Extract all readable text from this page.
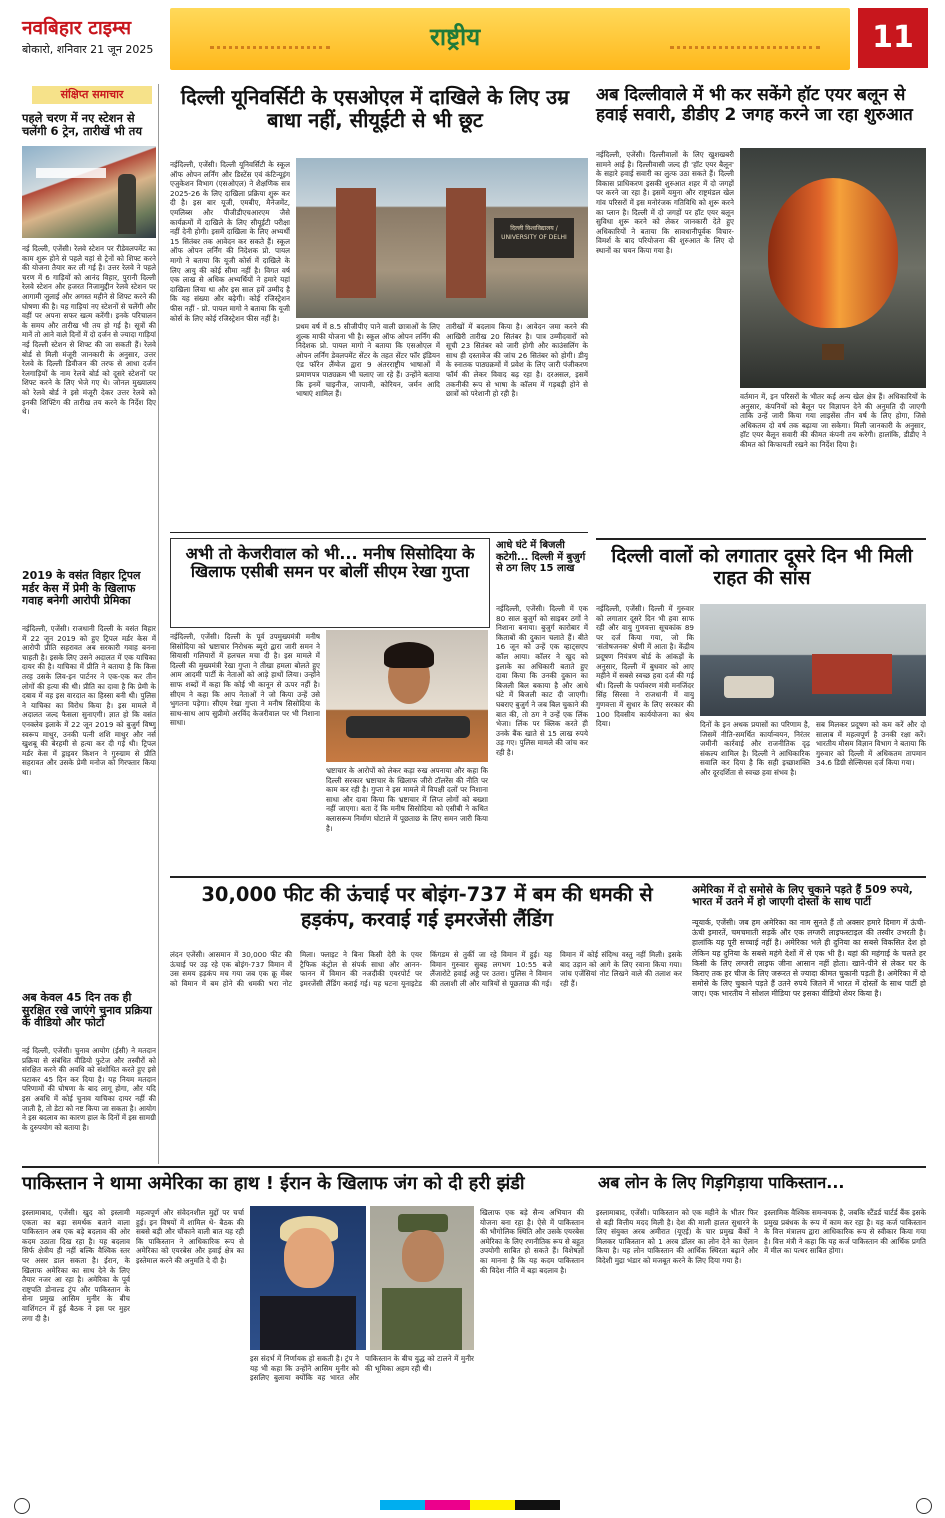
नवबिहार टाइम्स
बोकारो, शनिवार 21 जून 2025	राष्ट्रीय	11
संक्षिप्त समाचार
पहले चरण में नए स्टेशन से चलेंगी 6 ट्रेन, तारीखें भी तय
नई दिल्ली, एजेंसी। रेलवे स्टेशन पर रीडेवलपमेंट का काम शुरू होने से पहले यहां से ट्रेनों को शिफ्ट करने की योजना तैयार कर ली गई है। उत्तर रेलवे ने पहले चरण में 6 गाड़ियों को आनंद विहार, पुरानी दिल्ली रेलवे स्टेशन और हजरत निजामुद्दीन रेलवे स्टेशन पर आगामी जुलाई और अगस्त महीने से शिफ्ट करने की घोषणा की है। यह गाड़ियां नए स्टेशनों से चलेंगी और वहीं पर अपना सफर खत्म करेंगी। इनके परिचालन के समय और तारीख भी तय हो गई है। सूत्रों की मानें तो आने वाले दिनों में दो दर्जन से ज्यादा गाड़ियां नई दिल्ली स्टेशन से शिफ्ट की जा सकती हैं। रेलवे बोर्ड से मिली मंजूरी जानकारी के अनुसार, उत्तर रेलवे के दिल्ली डिवीजन की तरफ से आधा दर्जन रेलगाड़ियों के नाम रेलवे बोर्ड को दूसरे स्टेशनों पर शिफ्ट करने के लिए भेजे गए थे। जोनल मुख्यालय को रेलवे बोर्ड ने इसे मंजूरी देकर उत्तर रेलवे को इनकी शिफ्टिंग की तारीख तय करने के निर्देश दिए थे।
2019 के वसंत विहार ट्रिपल मर्डर केस में प्रेमी के खिलाफ गवाह बनेगी आरोपी प्रेमिका
नईदिल्ली, एजेंसी। राजधानी दिल्ली के वसंत विहार में 22 जून 2019 को हुए ट्रिपल मर्डर केस में आरोपी प्रीति सहरावत अब सरकारी गवाह बनना चाहती है। इसके लिए उसने अदालत में एक याचिका दायर की है। याचिका में प्रीति ने बताया है कि किस तरह उसके लिव-इन पार्टनर ने एक-एक कर तीन लोगों की हत्या की थी। प्रीति का दावा है कि प्रेमी के दबाव में वह इस वारदात का हिस्सा बनी थी। पुलिस ने याचिका का विरोध किया है। इस मामले में अदालत जल्द फैसला सुनाएगी। ज्ञात हो कि वसंत एनक्लेव इलाके में 22 जून 2019 को बुजुर्ग विष्णु स्वरूप माथुर, उनकी पत्नी शशि माथुर और नर्स खुशबू की बेरहमी से हत्या कर दी गई थी। ट्रिपल मर्डर केस में ड्राइवर किशन ने गुरुग्राम से प्रीति सहरावत और उसके प्रेमी मनोज को गिरफ्तार किया था।
अब केवल 45 दिन तक ही सुरक्षित रखे जाएंगे चुनाव प्रक्रिया के वीडियो और फोटो
नई दिल्ली, एजेंसी। चुनाव आयोग (ईसी) ने मतदान प्रक्रिया से संबंधित वीडियो फुटेज और तस्वीरों को संरक्षित करने की अवधि को संशोधित करते हुए इसे घटाकर 45 दिन कर दिया है। यह नियम मतदान परिणामों की घोषणा के बाद लागू होगा, और यदि इस अवधि में कोई चुनाव याचिका दायर नहीं की जाती है, तो डेटा को नष्ट किया जा सकता है। आयोग ने इस बदलाव का कारण हाल के दिनों में इस सामग्री के दुरुपयोग को बताया है।
दिल्ली यूनिवर्सिटी के एसओएल में दाखिले के लिए उम्र बाधा नहीं, सीयूईटी से भी छूट
नईदिल्ली, एजेंसी। दिल्ली यूनिवर्सिटी के स्कूल ऑफ ओपन लर्निंग और डिस्टेंस एवं कंटिन्यूइंग एजुकेशन विभाग (एसओएल) ने शैक्षणिक सत्र 2025-26 के लिए दाखिला प्रक्रिया शुरू कर दी है। इस बार यूजी, एमबीए, मैनेजमेंट, एमलिब्स और पीजीडीएचआरएम जैसे कार्यक्रमों में दाखिले के लिए सीयूईटी परीक्षा नहीं देनी होगी। इसमें दाखिला के लिए अभ्यर्थी 15 सितंबर तक आवेदन कर सकते हैं। स्कूल ऑफ ओपन लर्निंग की निदेशक प्रो. पायल मागो ने बताया कि यूजी कोर्स में दाखिले के लिए आयु की कोई सीमा नहीं है। विगत वर्ष एक लाख से अधिक अभ्यर्थियों ने हमारे यहां दाखिला लिया था और इस साल हमें उम्मीद है कि यह संख्या और बढ़ेगी। कोई रजिस्ट्रेशन फीस नहीं - प्रो. पायल मागो ने बताया कि यूजी कोर्स के लिए कोई रजिस्ट्रेशन फीस नहीं है।
दिल्ली विश्वविद्यालय / UNIVERSITY OF DELHI
प्रथम वर्ष में 8.5 सीजीपीए पाने वाली छात्राओं के लिए शुल्क माफी योजना भी है। स्कूल ऑफ ओपन लर्निंग की निदेशक प्रो. पायल मागो ने बताया कि एसओएल में ओपन लर्निंग डेवलपमेंट सेंटर के तहत सेंटर फॉर इंडियन एंड फॉरेन लैंग्वेज द्वारा 9 अंतरराष्ट्रीय भाषाओं में प्रमाणपत्र पाठ्यक्रम भी चलाए जा रहे हैं। उन्होंने बताया कि इनमें चाइनीज, जापानी, कोरियन, जर्मन आदि भाषाएं शामिल हैं।
तारीखों में बदलाव किया है। आवेदन जमा करने की आखिरी तारीख 20 सितंबर है। पात्र उम्मीदवारों को सूची 23 सितंबर को जारी होगी और काउंसलिंग के साथ ही दस्तावेज की जांच 26 सितंबर को होगी। डीयू के स्नातक पाठ्यक्रमों में प्रवेश के लिए जारी पंजीकरण फॉर्म की लेकर विवाद बढ़ रहा है। दरअसल, इसमें तकनीकी रूप से भाषा के कॉलम में गड़बड़ी होने से छात्रों को परेशानी हो रही है।
अब दिल्लीवाले में भी कर सकेंगे हॉट एयर बलून से हवाई सवारी, डीडीए 2 जगह करने जा रहा शुरुआत
नईदिल्ली, एजेंसी। दिल्लीवालों के लिए खुशखबरी सामने आई है। दिल्लीवासी जल्द ही 'हॉट एयर बैलून' के सहारे हवाई सवारी का लुत्फ उठा सकते हैं। दिल्ली विकास प्राधिकरण इसकी शुरुआत शहर में दो जगहों पर करने जा रहा है। इसमें यमुना और राष्ट्रमंडल खेल गांव परिसरों में इस मनोरंजक गतिविधि को शुरू करने का प्लान है। दिल्ली में दो जगहों पर हॉट एयर बलून सुविधा शुरू करने को लेकर जानकारी देते हुए अधिकारियों ने बताया कि सावधानीपूर्वक विचार-विमर्श के बाद परियोजना की शुरुआत के लिए दो स्थानों का चयन किया गया है।
वर्तमान में, इन परिसरों के भीतर कई अन्य खेल क्षेत्र हैं। अधिकारियों के अनुसार, कंपनियों को बैलून पर विज्ञापन देने की अनुमति दी जाएगी ताकि उन्हें जारी किया गया लाइसेंस तीन वर्ष के लिए होगा, जिसे अधिकतम दो वर्ष तक बढ़ाया जा सकेगा। मिली जानकारी के अनुसार, हॉट एयर बैलून सवारी की कीमत कंपनी तय करेगी। हालांकि, डीडीए ने कीमत को किफायती रखने का निर्देश दिया है।
अभी तो केजरीवाल को भी... मनीष सिसोदिया के खिलाफ एसीबी समन पर बोलीं सीएम रेखा गुप्ता
नईदिल्ली, एजेंसी। दिल्ली के पूर्व उपमुख्यमंत्री मनीष सिसोदिया को भ्रष्टाचार निरोधक ब्यूरो द्वारा जारी समन ने सियासी गलियारों में हलचल मचा दी है। इस मामले में दिल्ली की मुख्यमंत्री रेखा गुप्ता ने तीखा हमला बोलते हुए आम आदमी पार्टी के नेताओं को आड़े हाथों लिया। उन्होंने साफ शब्दों में कहा कि कोई भी कानून से ऊपर नहीं है। सीएम ने कहा कि आप नेताओं ने जो किया उन्हें उसे भुगतना पड़ेगा। सीएम रेखा गुप्ता ने मनीष सिसोदिया के साथ-साथ आप सुप्रीमो अरविंद केजरीवाल पर भी निशाना साधा।
भ्रष्टाचार के आरोपों को लेकर कड़ा रुख अपनाया और कहा कि दिल्ली सरकार भ्रष्टाचार के खिलाफ जीरो टॉलरेंस की नीति पर काम कर रही है। गुप्ता ने इस मामले में विपक्षी दलों पर निशाना साधा और दावा किया कि भ्रष्टाचार में लिप्त लोगों को बख्शा नहीं जाएगा। बता दें कि मनीष सिसोदिया को एसीबी ने कथित क्लासरूम निर्माण घोटाले में पूछताछ के लिए समन जारी किया है।
आधे घंटे में बिजली कटेगी... दिल्ली में बुजुर्ग से ठग लिए 15 लाख
नईदिल्ली, एजेंसी। दिल्ली में एक 80 साल बुजुर्ग को साइबर ठगों ने निशाना बनाया। बुजुर्ग कारोबार में किताबों की दुकान चलाते हैं। बीते 16 जून को उन्हें एक व्हाट्सएप कॉल आया। कॉलर ने खुद को इलाके का अधिकारी बताते हुए दावा किया कि उनकी दुकान का बिजली बिल बकाया है और आधे घंटे में बिजली काट दी जाएगी। घबराए बुजुर्ग ने जब बिल चुकाने की बात की, तो ठग ने उन्हें एक लिंक भेजा। लिंक पर क्लिक करते ही उनके बैंक खाते से 15 लाख रुपये उड़ गए। पुलिस मामले की जांच कर रही है।
दिल्ली वालों को लगातार दूसरे दिन भी मिली राहत की सांस
नईदिल्ली, एजेंसी। दिल्ली में गुरुवार को लगातार दूसरे दिन भी हवा साफ रही और वायु गुणवत्ता सूचकांक 89 पर दर्ज किया गया, जो कि 'संतोषजनक' श्रेणी में आता है। केंद्रीय प्रदूषण नियंत्रण बोर्ड के आंकड़ों के अनुसार, दिल्ली में बुधवार को आए महीने में सबसे स्वच्छ हवा दर्ज की गई थी। दिल्ली के पर्यावरण मंत्री मनजिंदर सिंह सिरसा ने राजधानी में वायु गुणवत्ता में सुधार के लिए सरकार की 100 दिवसीय कार्ययोजना का श्रेय दिया।	दिनों के इन अथक प्रयासों का परिणाम है, जिसमें नीति-समर्थित कार्यान्वयन, निरंतर जमीनी कार्रवाई और राजनीतिक दृढ़ संकल्प शामिल है। दिल्ली ने आधिकारिक सवालि कर दिया है कि सही इच्छाशक्ति और दूरदर्शिता से स्वच्छ हवा संभव है।
सब मिलकर प्रदूषण को कम करें और दो सालाब में महत्वपूर्ण है उनकी रक्षा करें। भारतीय मौसम विज्ञान विभाग ने बताया कि गुरुवार को दिल्ली में अधिकतम तापमान 34.6 डिग्री सेल्सियस दर्ज किया गया।
30,000 फीट की ऊंचाई पर बोइंग-737 में बम की धमकी से हड़कंप, करवाई गई इमरजेंसी लैंडिंग
लंदन एजेंसी। आसमान में 30,000 फीट की ऊंचाई पर उड़ रहे एक बोइंग-737 विमान में उस समय हड़कंप मच गया जब एक क्रू मेंबर को विमान में बम होने की धमकी भरा नोट मिला। फ्लाइट ने बिना किसी देरी के एयर ट्रैफिक कंट्रोल से संपर्क साधा और आनन-फानन में विमान की नजदीकी एयरपोर्ट पर इमरजेंसी लैंडिंग कराई गई। यह घटना यूनाइटेड किंगडम से तुर्की जा रहे विमान में हुई। यह विमान गुरुवार सुबह लगभग 10:55 बजे लैंजारोटे हवाई अड्डे पर उतरा। पुलिस ने विमान की तलाशी ली और यात्रियों से पूछताछ की गई। विमान में कोई संदिग्ध वस्तु नहीं मिली। इसके बाद उड़ान को आगे के लिए रवाना किया गया। जांच एजेंसियां नोट लिखने वाले की तलाश कर रही हैं।
अमेरिका में दो समोसे के लिए चुकाने पड़ते हैं 509 रुपये, भारत में उतने में हो जाएगी दोस्तों के साथ पार्टी
न्यूयार्क, एजेंसी। जब हम अमेरिका का नाम सुनते हैं तो अक्सर हमारे दिमाग में ऊंची-ऊंची इमारतें, चमचमाती सड़कें और एक लग्जरी लाइफस्टाइल की तस्वीर उभरती है। हालांकि यह पूरी सच्चाई नहीं है। अमेरिका भले ही दुनिया का सबसे विकसित देश हो लेकिन यह दुनिया के सबसे महंगे देशों में से एक भी है। यहां की महंगाई के चलते हर किसी के लिए लग्जरी लाइफ जीना आसान नहीं होता। खाने-पीने से लेकर घर के किराए तक हर चीज के लिए जरूरत से ज्यादा कीमत चुकानी पड़ती है। अमेरिका में दो समोसे के लिए चुकाने पड़ते हैं उतने रुपये जितने में भारत में दोस्तों के साथ पार्टी हो जाए। एक भारतीय ने सोशल मीडिया पर इसका वीडियो शेयर किया है।
पाकिस्तान ने थामा अमेरिका का हाथ ! ईरान के खिलाफ जंग को दी हरी झंडी
इस्लामाबाद, एजेंसी। खुद को इस्लामी एकता का बड़ा समर्थक बताने वाला पाकिस्तान अब एक बड़े बदलाव की ओर कदम उठाता दिख रहा है। यह बदलाव सिर्फ क्षेत्रीय ही नहीं बल्कि वैश्विक स्तर पर असर डाल सकता है। ईरान, के खिलाफ अमेरिका का साथ देने के लिए तैयार नजर आ रहा है। अमेरिका के पूर्व राष्ट्रपति डोनाल्ड ट्रंप और पाकिस्तान के सेना प्रमुख आसिम मुनीर के बीच वाशिंगटन में हुई बैठक ने इस पर मुहर लगा दी है।
महत्वपूर्ण और संवेदनशील मुद्दों पर चर्चा हुई। इन विषयों में शामिल थे- बैठक की सबसे बड़ी और चौंकाने वाली बात यह रही कि पाकिस्तान ने आधिकारिक रूप से अमेरिका को एयरबेस और हवाई क्षेत्र का इस्तेमाल करने की अनुमति दे दी है।
इस संदर्भ में निर्णायक हो सकती है। ट्रंप ने यह भी कहा कि उन्होंने आसिम मुनीर को इसलिए बुलाया क्योंकि वह भारत और पाकिस्तान के बीच युद्ध को टालने में मुनीर की भूमिका अहम रही थी।
खिलाफ एक बड़े सैन्य अभियान की योजना बना रहा है। ऐसे में पाकिस्तान की भौगोलिक स्थिति और उसके एयरबेस अमेरिका के लिए रणनीतिक रूप से बहुत उपयोगी साबित हो सकते हैं। विशेषज्ञों का मानना है कि यह कदम पाकिस्तान की विदेश नीति में बड़ा बदलाव है।
अब लोन के लिए गिड़गिड़ाया पाकिस्तान...
इस्लामाबाद, एजेंसी। पाकिस्तान को एक महीने के भीतर फिर से बड़ी वित्तीय मदद मिली है। देश की माली हालत सुधारने के लिए संयुक्त अरब अमीरात (यूएई) के चार प्रमुख बैंकों ने मिलकर पाकिस्तान को 1 अरब डॉलर का लोन देने का ऐलान किया है। यह लोन पाकिस्तान की आर्थिक स्थिरता बढ़ाने और विदेशी मुद्रा भंडार को मजबूत करने के लिए दिया गया है।
इस्लामिक वैश्विक समन्वयक है, जबकि स्टैंडर्ड चार्टर्ड बैंक इसके प्रमुख प्रबंधक के रूप में काम कर रहा है। यह कर्ज पाकिस्तान के वित्त मंत्रालय द्वारा आधिकारिक रूप से स्वीकार किया गया है। वित्त मंत्री ने कहा कि यह कर्ज पाकिस्तान की आर्थिक प्रगति में मील का पत्थर साबित होगा।
